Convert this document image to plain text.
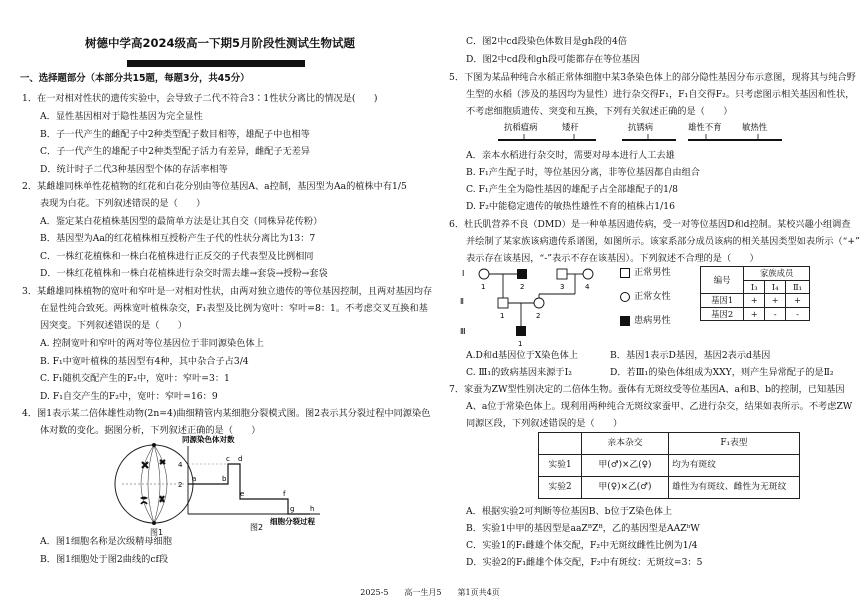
树德中学高2024级高一下期5月阶段性测试生物试题
一、选择题部分（本部分共15题，每题3分，共45分）
1．在一对相对性状的遗传实验中，会导致子二代不符合3∶1性状分离比的情况是(　　)
A．显性基因相对于隐性基因为完全显性
B．子一代产生的雌配子中2种类型配子数目相等，雄配子中也相等
C．子一代产生的雄配子中2种类型配子活力有差异，雌配子无差异
D．统计时子二代3种基因型个体的存活率相等
2．某雌雄同株单性花植物的红花和白花分别由等位基因A、a控制，基因型为Aa的植株中有1/5
表现为白花。下列叙述错误的是（　　）
A．鉴定某白花植株基因型的最简单方法是让其自交（同株异花传粉）
B．基因型为Aa的红花植株相互授粉产生子代的性状分离比为13：7
C．一株红花植株和一株白花植株进行正反交的子代表型及比例相同
D．一株红花植株和一株白花植株进行杂交时需去雄→套袋→授粉→套袋
3．某雌雄同株植物的宽叶和窄叶是一对相对性状，由两对独立遗传的等位基因控制，且两对基因均存
在显性纯合致死。两株宽叶植株杂交，F₁表型及比例为宽叶：窄叶=8：1。不考虑交叉互换和基
因突变。下列叙述错误的是（　　）
A. 控制宽叶和窄叶的两对等位基因位于非同源染色体上
B. F₁中宽叶植株的基因型有4种，其中杂合子占3/4
C. F₁随机交配产生的F₂中，宽叶：窄叶=3：1
D. F₁自交产生的F₂中，宽叶：窄叶=16：9
4．图1表示某二倍体雄性动物(2n=4)曲细精管内某细胞分裂模式图。图2表示其分裂过程中同源染色
体对数的变化。据图分析，下列叙述正确的是（　　）
图1
同源染色体对数
4
2
a	b
c d
e	f
g h
细胞分裂过程
图2
A．图1细胞名称是次级精母细胞
B．图1细胞处于图2曲线的cf段
C．图2中cd段染色体数目是gh段的4倍
D．图2中cd段和gh段可能都存在等位基因
5．下图为某品种纯合水稻正常体细胞中某3条染色体上的部分隐性基因分布示意图，现将其与纯合野
生型的水稻（涉及的基因均为显性）进行杂交得F₁，F₁自交得F₂。只考虑图示相关基因和性状，
不考虑细胞质遗传、突变和互换，下列有关叙述正确的是（　　）
抗稻瘟病	矮秆	抗锈病	雄性不育 敏热性
A．亲本水稻进行杂交时，需要对母本进行人工去雄
B. F₁产生配子时，等位基因分离，非等位基因都自由组合
C. F₁产生全为隐性基因的雄配子占全部雄配子的1/8
D. F₂中能稳定遗传的敏热性雄性不育的植株占1/16
6．杜氏肌营养不良（DMD）是一种单基因遗传病，受一对等位基因D和d控制。某校兴趣小组调查
并绘制了某家族该病遗传系谱图，如图所示。该家系部分成员该病的相关基因类型如表所示（“+”
表示存在该基因，“-”表示不存在该基因）。下列叙述不合理的是（　　）
Ⅰ
Ⅱ
Ⅲ
1	2	3	4
1	2
1
正常男性
正常女性
患病男性
编号	家族成员		
	I₃	I₄	Ⅱ₁
基因1	+	+	+
基因2	+	-	-
A.D和d基因位于X染色体上	B．基因1表示D基因，基因2表示d基因
C. Ⅲ₁的致病基因来源于Ⅰ₂	D．若Ⅲ₁的染色体组成为XXY，则产生异常配子的是Ⅱ₂
7．家蚕为ZW型性别决定的二倍体生物。蚕体有无斑纹受等位基因A、a和B、b的控制，已知基因
A、a位于常染色体上。现利用两种纯合无斑纹家蚕甲、乙进行杂交，结果如表所示。不考虑ZW
同源区段，下列叙述错误的是（　　）
	亲本杂交	F₁表型
实验1	甲(♂)×乙(♀)	均为有斑纹
实验2	甲(♀)×乙(♂)	雄性为有斑纹、雌性为无斑纹
A．根据实验2可判断等位基因B、b位于Z染色体上
B．实验1中甲的基因型是aaZᴮZᴮ，乙的基因型是AAZᵇW
C．实验1的F₁雌雄个体交配，F₂中无斑纹雌性比例为1/4
D．实验2的F₁雌雄个体交配，F₂中有斑纹：无斑纹=3：5
2025-5　　高一生月5　　第1页共4页
